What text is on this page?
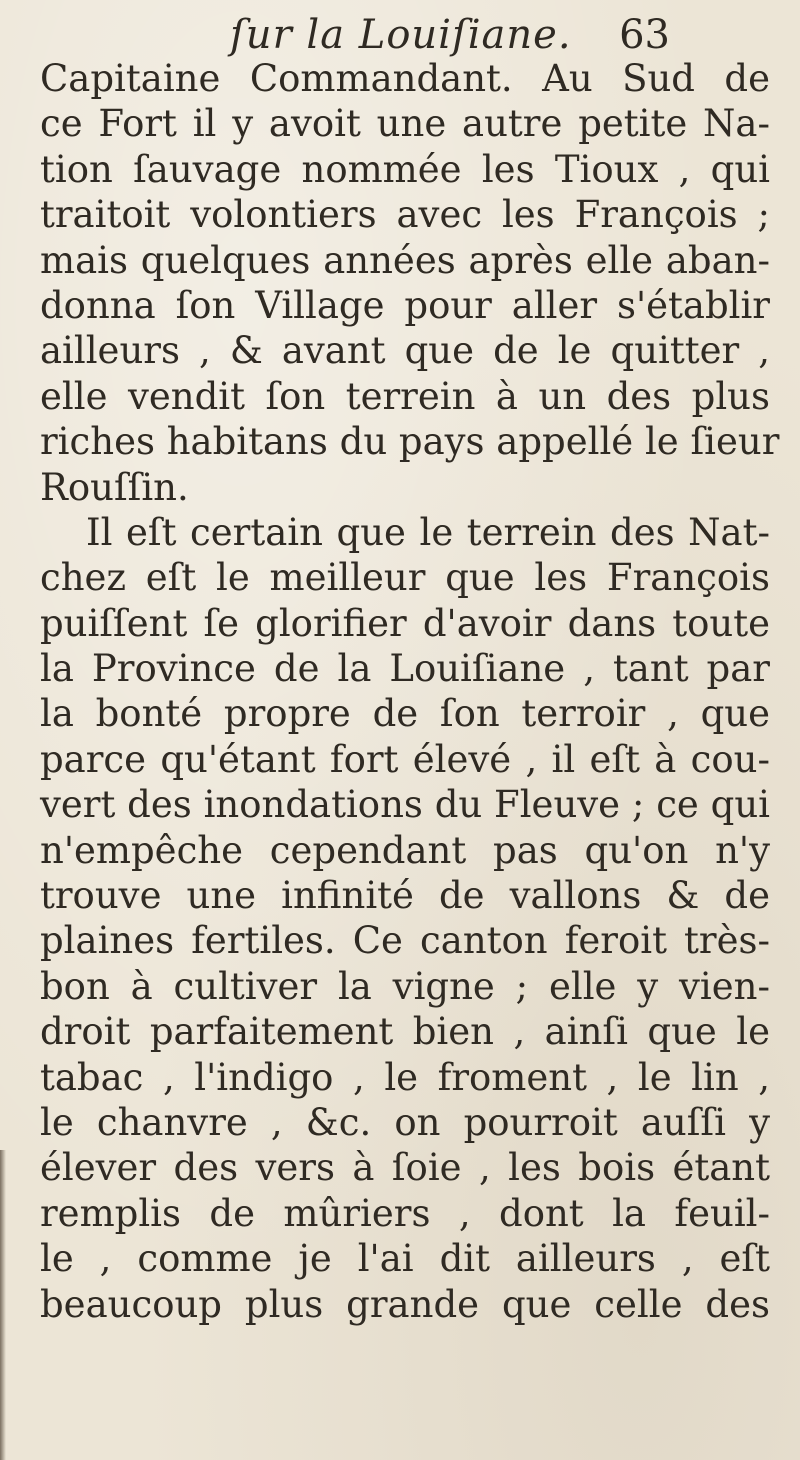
ſur la Louiſiane. 63
Capitaine Commandant. Au Sud de
ce Fort il y avoit une autre petite Na-
tion ſauvage nommée les Tioux , qui
traitoit volontiers avec les François ;
mais quelques années après elle aban-
donna ſon Village pour aller s'établir
ailleurs , & avant que de le quitter ,
elle vendit ſon terrein à un des plus
riches habitans du pays appellé le ſieur
Rouſſin.
Il eſt certain que le terrein des Nat-
chez eſt le meilleur que les François
puiſſent ſe glorifier d'avoir dans toute
la Province de la Louiſiane , tant par
la bonté propre de ſon terroir , que
parce qu'étant fort élevé , il eſt à cou-
vert des inondations du Fleuve ; ce qui
n'empêche cependant pas qu'on n'y
trouve une infinité de vallons & de
plaines fertiles. Ce canton feroit très-
bon à cultiver la vigne ; elle y vien-
droit parfaitement bien , ainſi que le
tabac , l'indigo , le froment , le lin ,
le chanvre , &c. on pourroit auſſi y
élever des vers à ſoie , les bois étant
remplis de mûriers , dont la feuil-
le , comme je l'ai dit ailleurs , eſt
beaucoup plus grande que celle des
